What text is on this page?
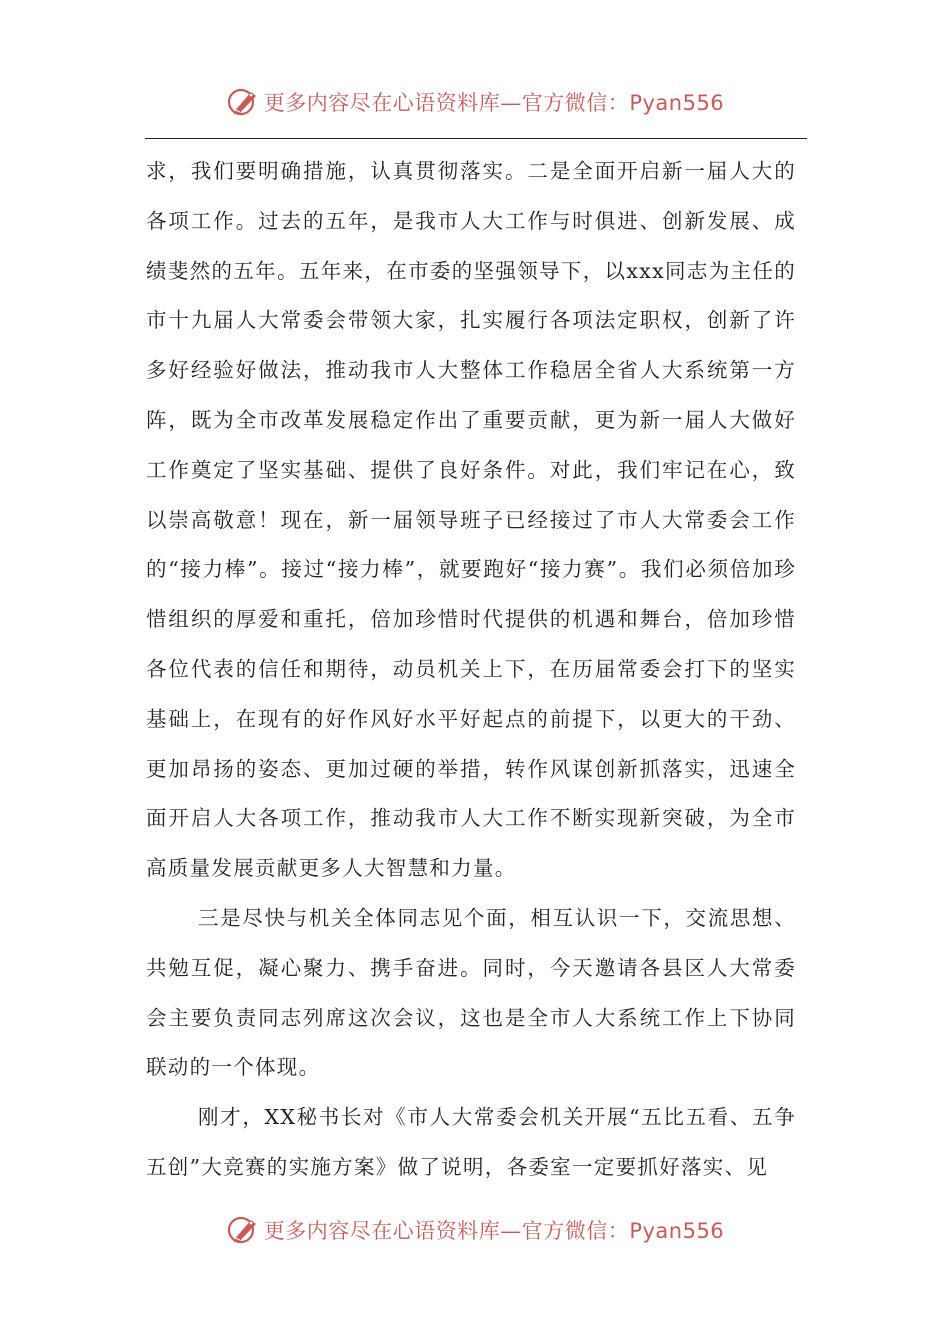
更多内容尽在心语资料库—官方微信：Pyan556

求，我们要明确措施，认真贯彻落实。二是全面开启新一届人大的各项工作。过去的五年，是我市人大工作与时俱进、创新发展、成绩斐然的五年。五年来，在市委的坚强领导下，以xxx同志为主任的市十九届人大常委会带领大家，扎实履行各项法定职权，创新了许多好经验好做法，推动我市人大整体工作稳居全省人大系统第一方阵，既为全市改革发展稳定作出了重要贡献，更为新一届人大做好工作奠定了坚实基础、提供了良好条件。对此，我们牢记在心，致以崇高敬意！现在，新一届领导班子已经接过了市人大常委会工作的“接力棒”。接过“接力棒”，就要跑好“接力赛”。我们必须倍加珍惜组织的厚爱和重托，倍加珍惜时代提供的机遇和舞台，倍加珍惜各位代表的信任和期待，动员机关上下，在历届常委会打下的坚实基础上，在现有的好作风好水平好起点的前提下，以更大的干劲、更加昂扬的姿态、更加过硬的举措，转作风谋创新抓落实，迅速全面开启人大各项工作，推动我市人大工作不断实现新突破，为全市高质量发展贡献更多人大智慧和力量。

三是尽快与机关全体同志见个面，相互认识一下，交流思想、共勉互促，凝心聚力、携手奋进。同时，今天邀请各县区人大常委会主要负责同志列席这次会议，这也是全市人大系统工作上下协同联动的一个体现。

刚才，XX秘书长对《市人大常委会机关开展“五比五看、五争五创”大竞赛的实施方案》做了说明，各委室一定要抓好落实、见

更多内容尽在心语资料库—官方微信：Pyan556
